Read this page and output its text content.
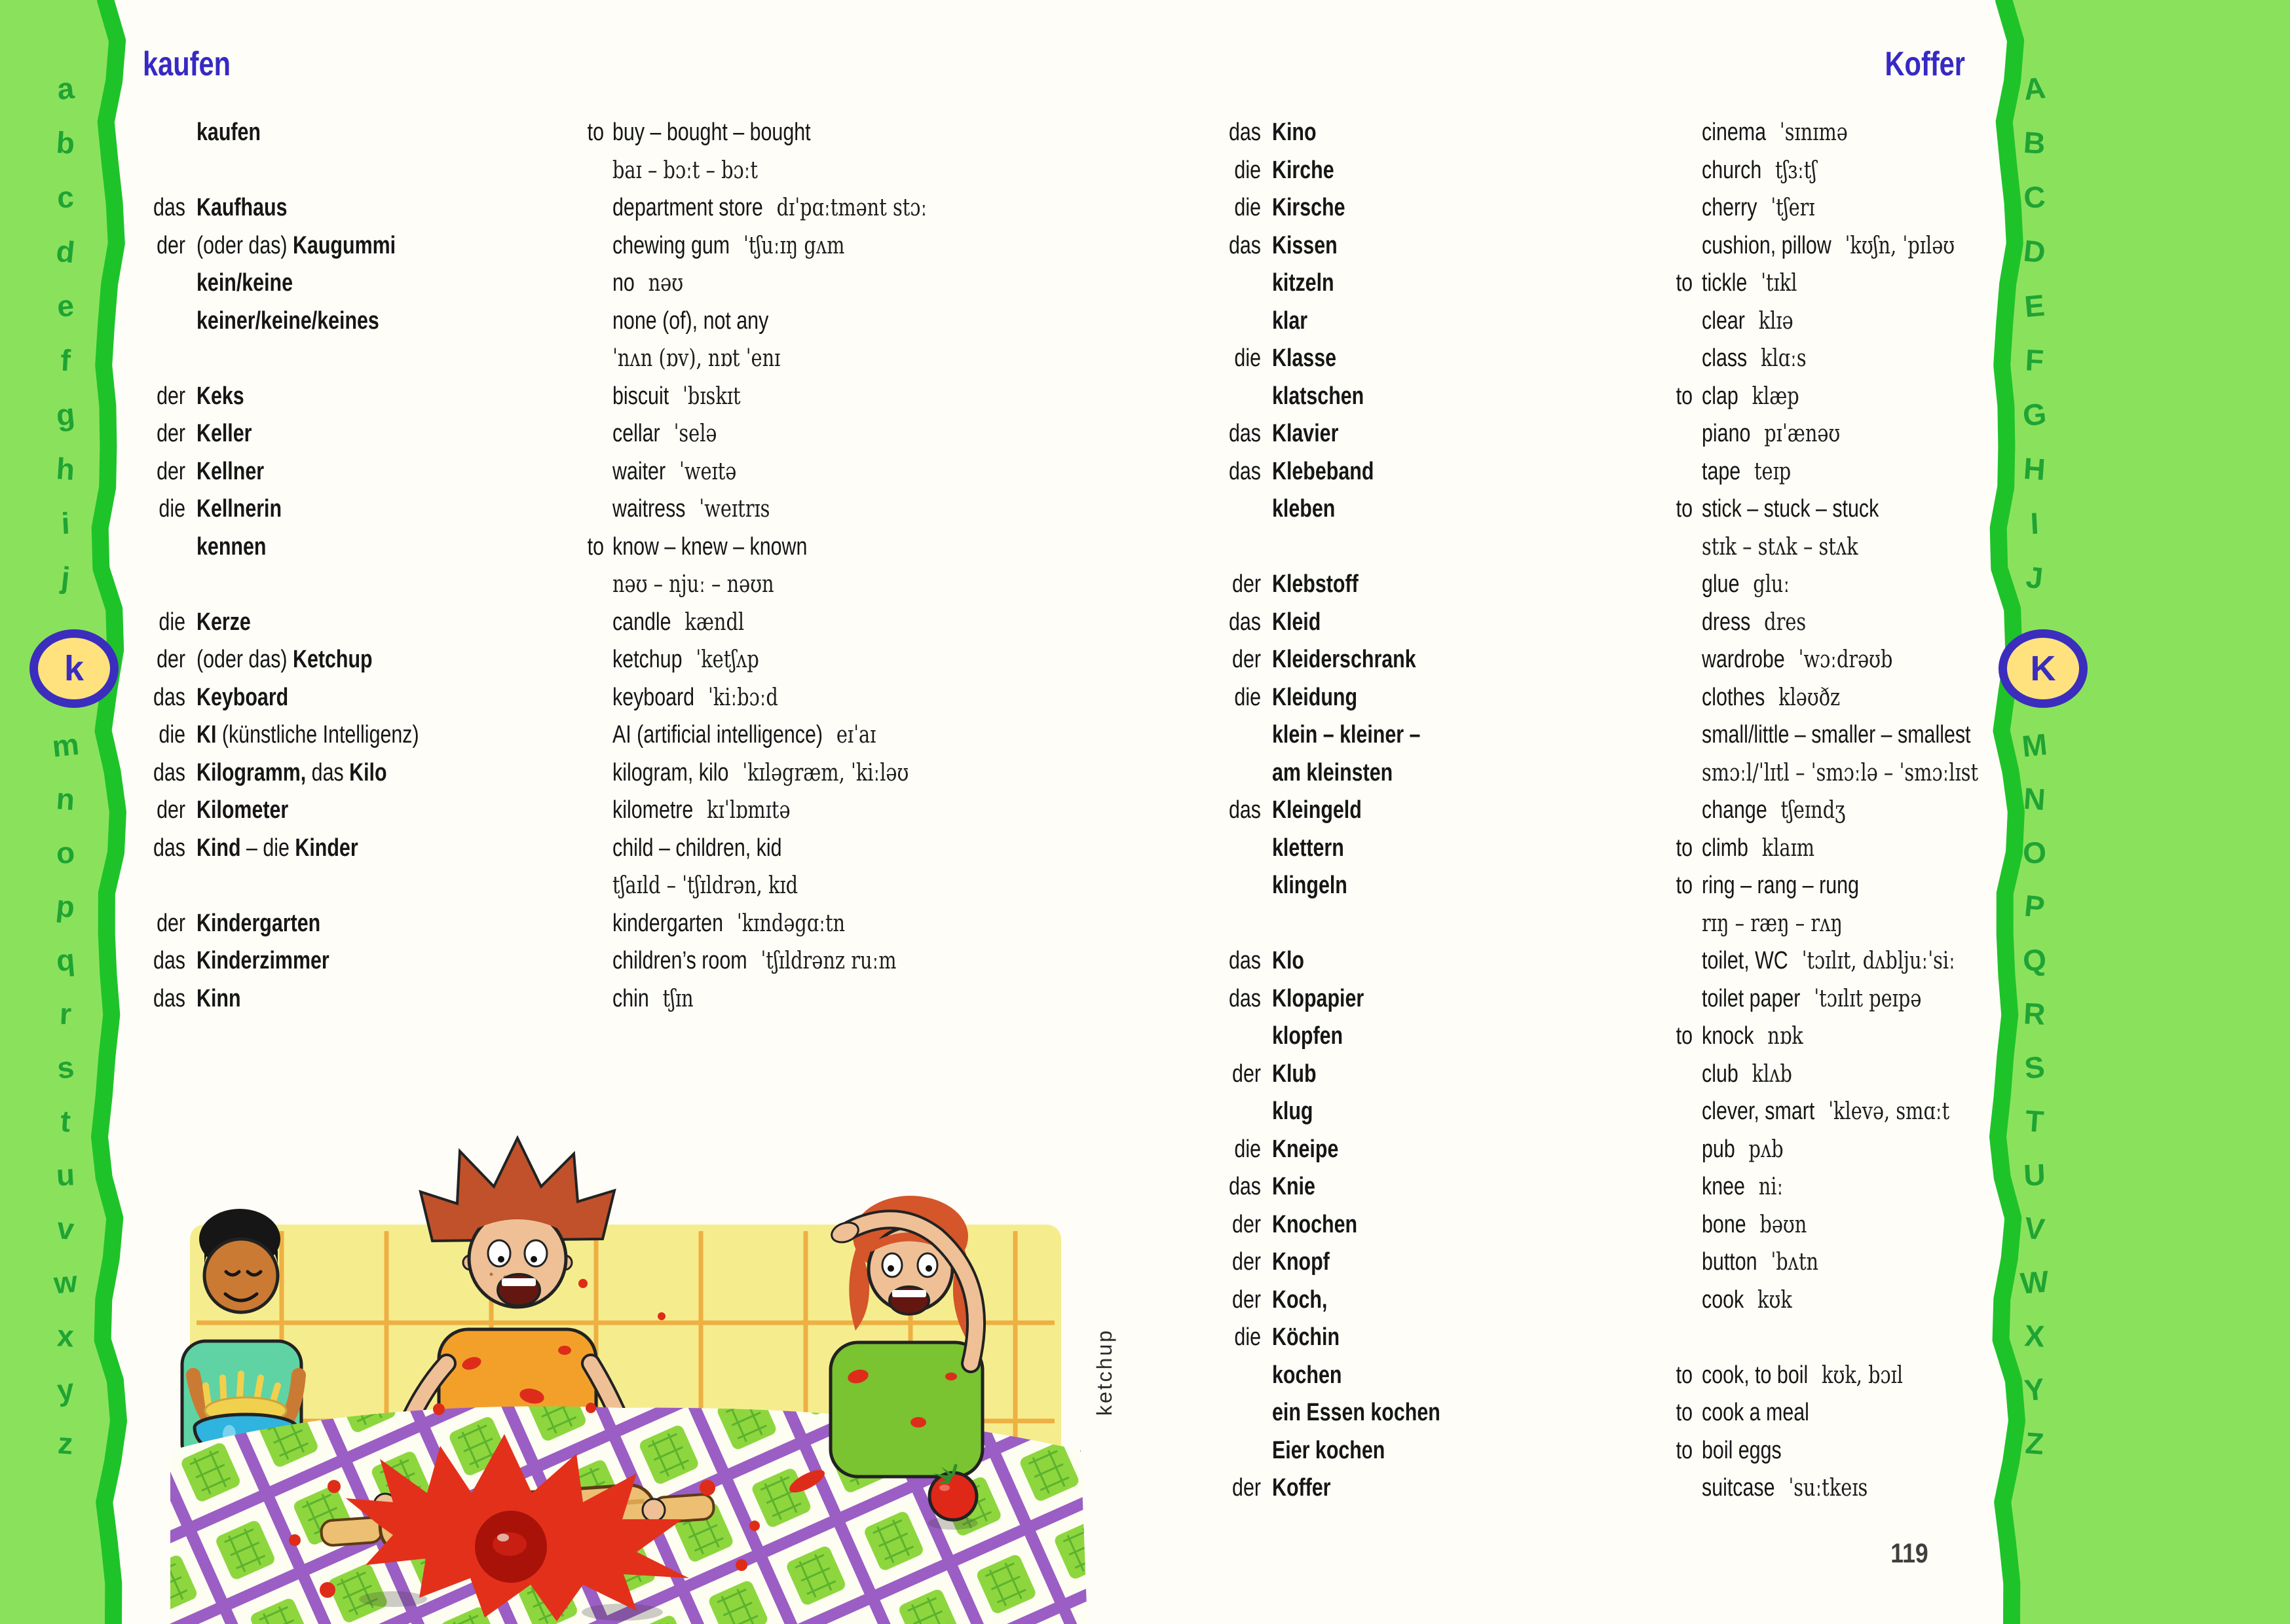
a
b
c
d
e
f
g
h
i
j
k
m
n
o
p
q
r
s
t
u
v
w
x
y
z
A
B
C
D
E
F
G
H
I
J
K
M
N
O
P
Q
R
S
T
U
V
W
X
Y
Z
kaufen	Koffer
kaufen	to buy – bought – bought
baɪ – bɔːt – bɔːt
das Kaufhaus	department store dɪˈpɑːtmənt stɔː
der (oder das) Kaugummi	chewing gum ˈtʃuːɪŋ gʌm
kein/keine	no nəʊ
keiner/keine/keines	none (of), not any
ˈnʌn (ɒv), nɒt ˈenɪ
der Keks	biscuit ˈbɪskɪt
der Keller	cellar ˈselə
der Kellner	waiter ˈweɪtə
die Kellnerin	waitress ˈweɪtrɪs
kennen	to know – knew – known
nəʊ – njuː – nəʊn
die Kerze	candle kændl
der (oder das) Ketchup	ketchup ˈketʃʌp
das Keyboard	keyboard ˈkiːbɔːd
die KI (künstliche Intelligenz)	AI (artificial intelligence) eɪˈaɪ
das Kilogramm, das Kilo	kilogram, kilo ˈkɪləgræm, ˈkiːləʊ
der Kilometer	kilometre kɪˈlɒmɪtə
das Kind – die Kinder	child – children, kid
tʃaɪld – ˈtʃɪldrən, kɪd
der Kindergarten	kindergarten ˈkɪndəgɑːtn
das Kinderzimmer	children’s room ˈtʃɪldrənz ruːm
das Kinn	chin tʃɪn
das Kino	cinema ˈsɪnɪmə
die Kirche	church tʃɜːtʃ
die Kirsche	cherry ˈtʃerɪ
das Kissen	cushion, pillow ˈkʊʃn, ˈpɪləʊ
kitzeln	to tickle ˈtɪkl
klar	clear klɪə
die Klasse	class klɑːs
klatschen	to clap klæp
das Klavier	piano pɪˈænəʊ
das Klebeband	tape teɪp
kleben	to stick – stuck – stuck
stɪk – stʌk – stʌk
der Klebstoff	glue gluː
das Kleid	dress dres
der Kleiderschrank	wardrobe ˈwɔːdrəʊb
die Kleidung	clothes kləʊðz
klein – kleiner –	small/little – smaller – smallest
am kleinsten	smɔːl/ˈlɪtl – ˈsmɔːlə – ˈsmɔːlɪst
das Kleingeld	change tʃeɪndʒ
klettern	to climb klaɪm
klingeln	to ring – rang – rung
rɪŋ – ræŋ – rʌŋ
das Klo	toilet, WC ˈtɔɪlɪt, dʌbljuːˈsiː
das Klopapier	toilet paper ˈtɔɪlɪt peɪpə
klopfen	to knock nɒk
der Klub	club klʌb
klug	clever, smart ˈklevə, smɑːt
die Kneipe	pub pʌb
das Knie	knee niː
der Knochen	bone bəʊn
der Knopf	button ˈbʌtn
der Koch,	cook kʊk
die Köchin
kochen	to cook, to boil kʊk, bɔɪl
ein Essen kochen	to cook a meal
Eier kochen	to boil eggs
der Koffer	suitcase ˈsuːtkeɪs
ketchup
119
